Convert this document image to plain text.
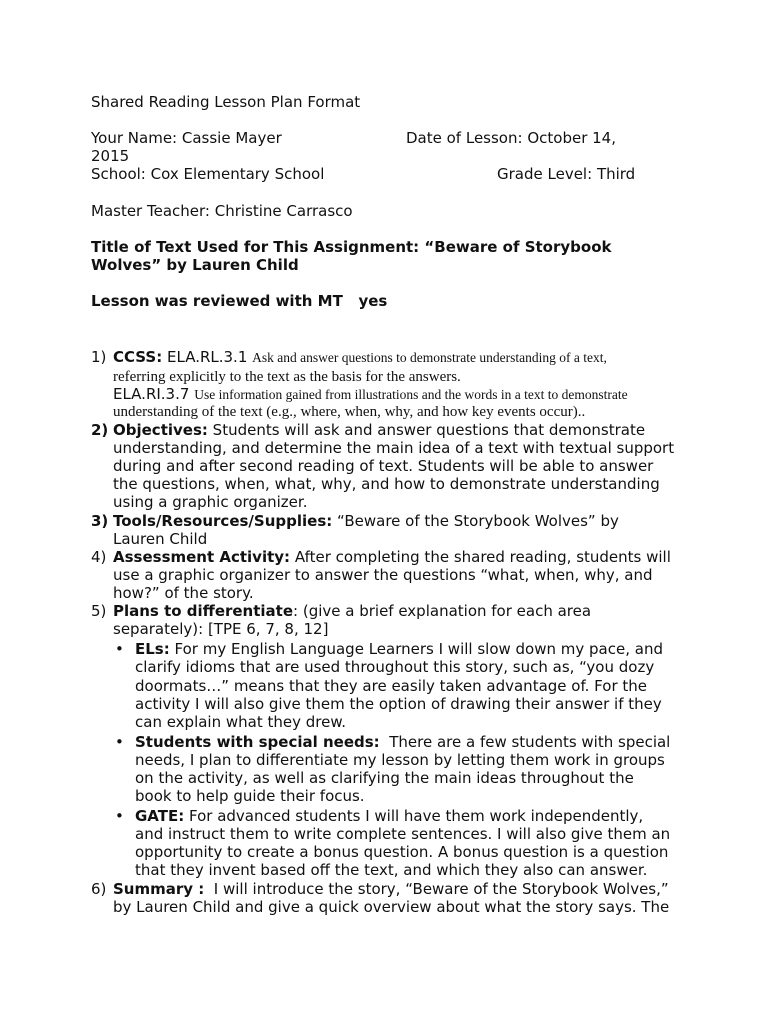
Shared Reading Lesson Plan Format
Your Name: Cassie Mayer	Date of Lesson: October 14,
2015
School: Cox Elementary School	Grade Level: Third
Master Teacher: Christine Carrasco
Title of Text Used for This Assignment: “Beware of Storybook
Wolves” by Lauren Child
Lesson was reviewed with MT yes
1) CCSS: ELA.RL.3.1 Ask and answer questions to demonstrate understanding of a text,
referring explicitly to the text as the basis for the answers.
ELA.RI.3.7 Use information gained from illustrations and the words in a text to demonstrate
understanding of the text (e.g., where, when, why, and how key events occur)..
2) Objectives: Students will ask and answer questions that demonstrate
understanding, and determine the main idea of a text with textual support
during and after second reading of text. Students will be able to answer
the questions, when, what, why, and how to demonstrate understanding
using a graphic organizer.
3) Tools/Resources/Supplies: “Beware of the Storybook Wolves” by
Lauren Child
4) Assessment Activity: After completing the shared reading, students will
use a graphic organizer to answer the questions “what, when, why, and
how?” of the story.
5) Plans to differentiate: (give a brief explanation for each area
separately): [TPE 6, 7, 8, 12]
• ELs: For my English Language Learners I will slow down my pace, and
clarify idioms that are used throughout this story, such as, “you dozy
doormats…” means that they are easily taken advantage of. For the
activity I will also give them the option of drawing their answer if they
can explain what they drew.
• Students with special needs:  There are a few students with special
needs, I plan to differentiate my lesson by letting them work in groups
on the activity, as well as clarifying the main ideas throughout the
book to help guide their focus.
• GATE: For advanced students I will have them work independently,
and instruct them to write complete sentences. I will also give them an
opportunity to create a bonus question. A bonus question is a question
that they invent based off the text, and which they also can answer.
6) Summary :  I will introduce the story, “Beware of the Storybook Wolves,”
by Lauren Child and give a quick overview about what the story says. The
